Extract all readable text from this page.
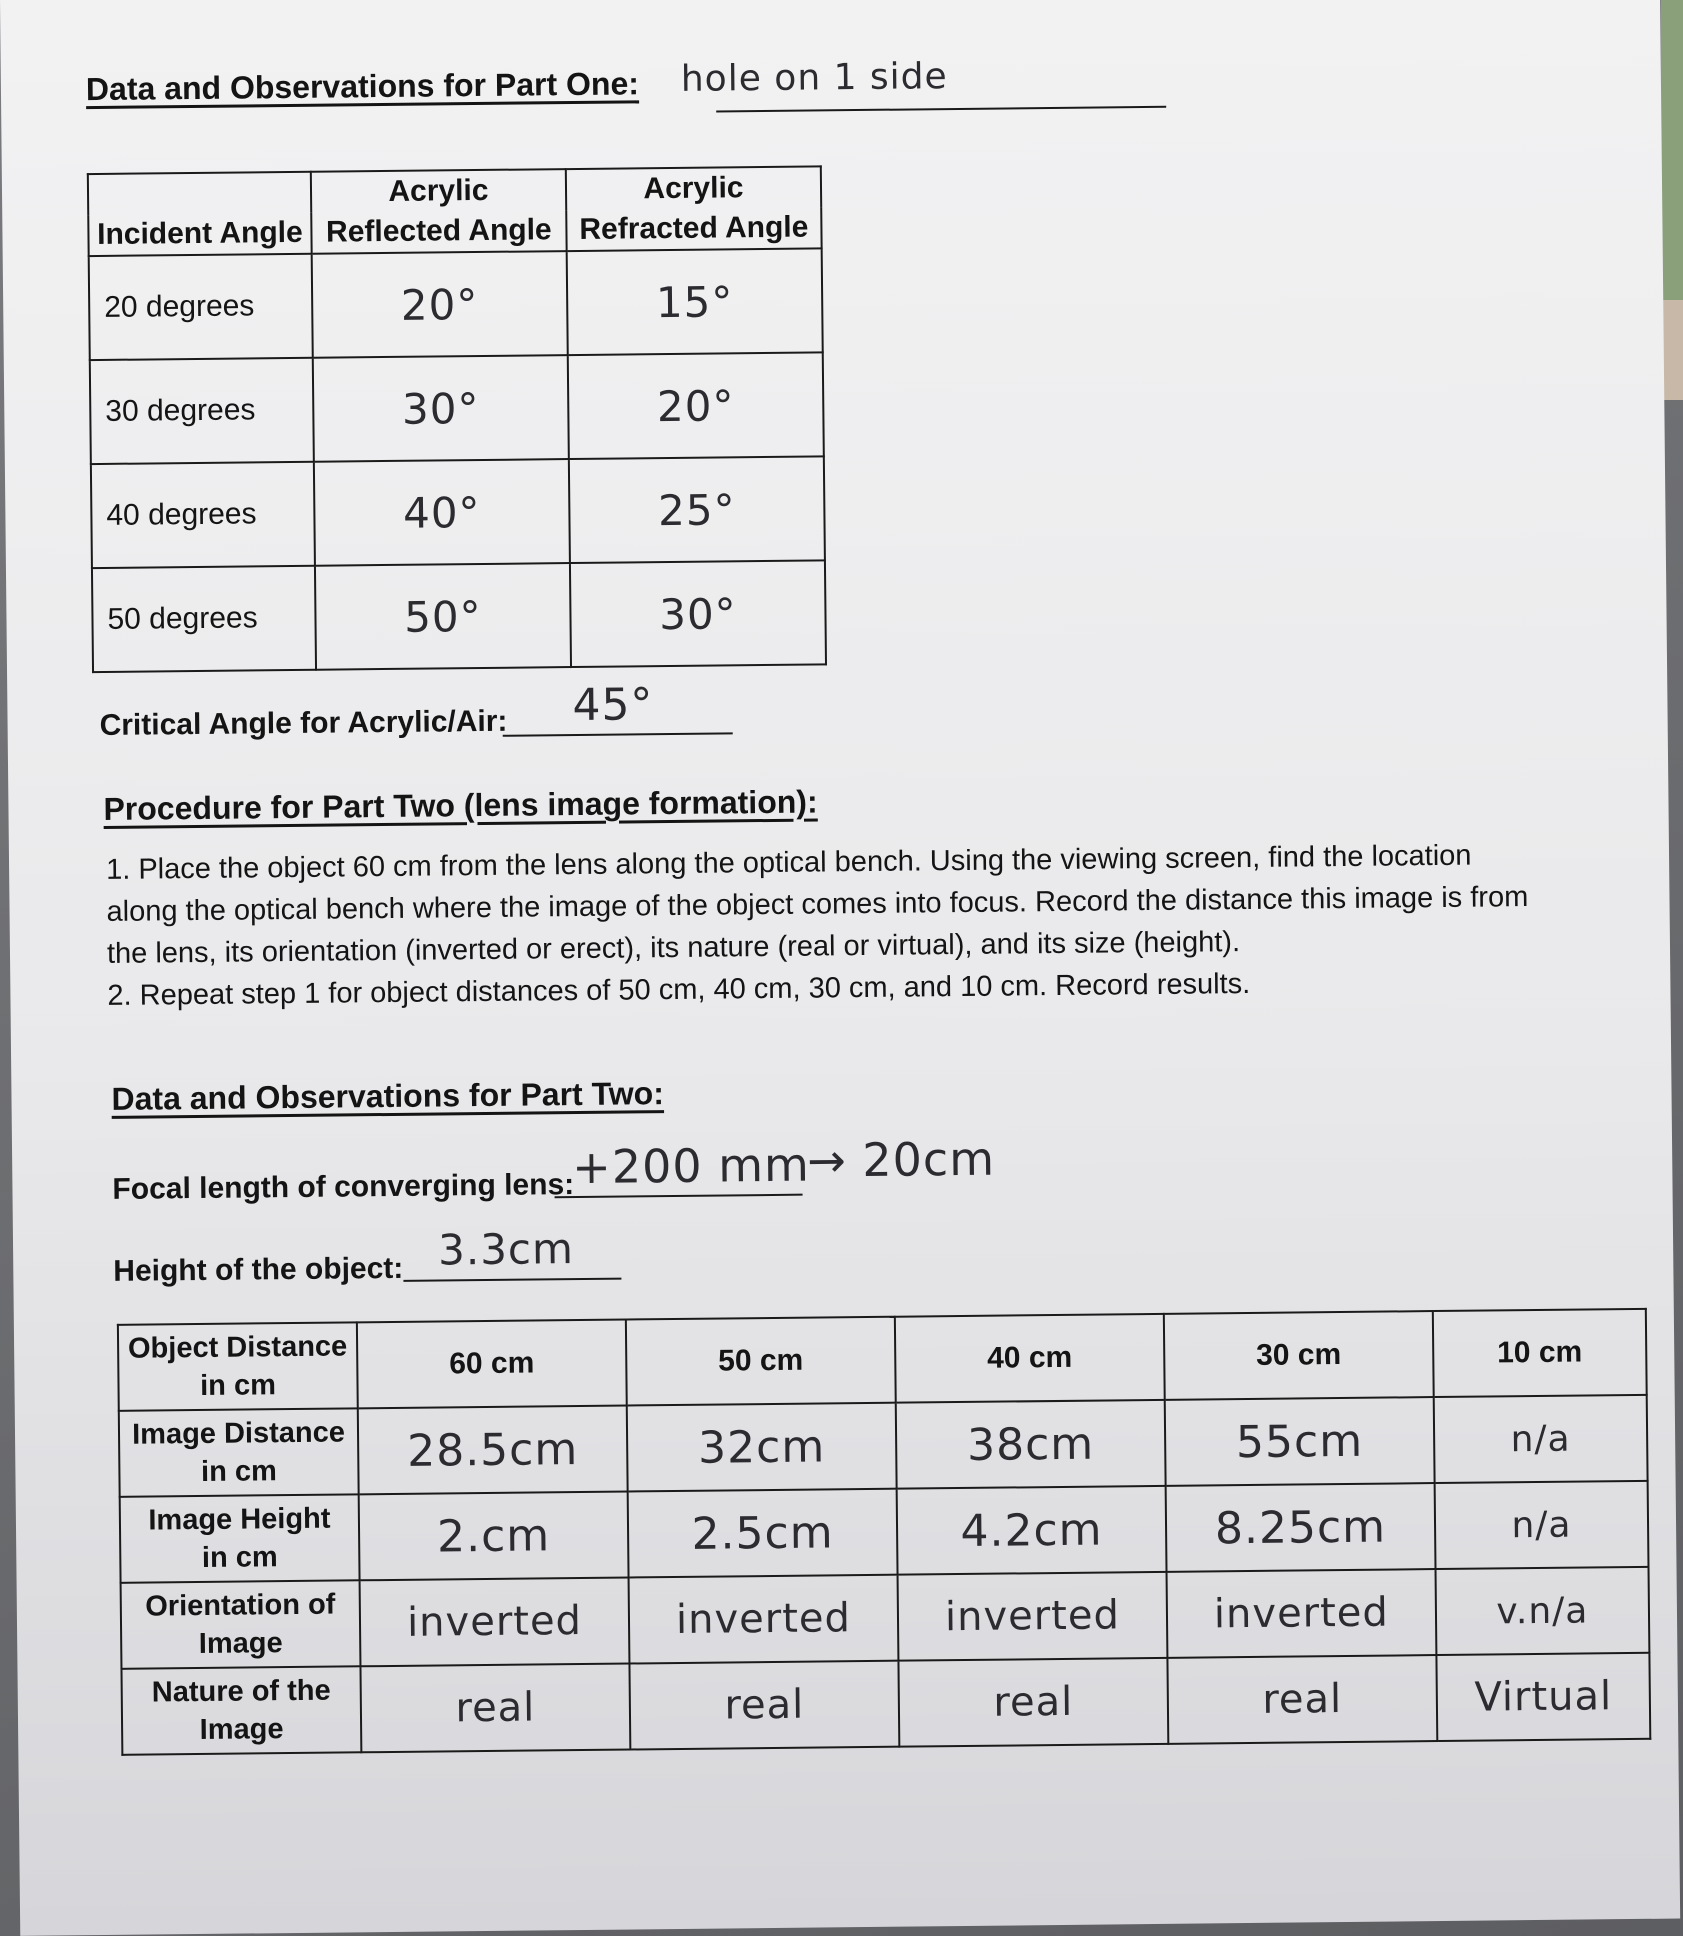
Data and Observations for Part One: hole on 1 side
	Acrylic	Acrylic
Incident Angle	Reflected Angle	Refracted Angle
20 degrees	20°	15°
30 degrees	30°	20°
40 degrees	40°	25°
50 degrees	50°	30°
Critical Angle for Acrylic/Air: 45°
Procedure for Part Two (lens image formation):

1. Place the object 60 cm from the lens along the optical bench. Using the viewing screen, find the location along the optical bench where the image of the object comes into focus. Record the distance this image is from the lens, its orientation (inverted or erect), its nature (real or virtual), and its size (height).

2. Repeat step 1 for object distances of 50 cm, 40 cm, 30 cm, and 10 cm. Record results.

Data and Observations for Part Two:
Focal length of converging lens:
+200 mm
→ 20cm
Height of the object: 3.3cm
Object Distance
in cm	60 cm	50 cm	40 cm	30 cm	10 cm
Image Distance
in cm	28.5cm	32cm	38cm	55cm	n/a
Image Height
in cm	2.cm	2.5cm	4.2cm	8.25cm	n/a
Orientation of
Image	inverted	inverted	inverted	inverted	v.n/a
Nature of the
Image	real	real	real	real	Virtual
